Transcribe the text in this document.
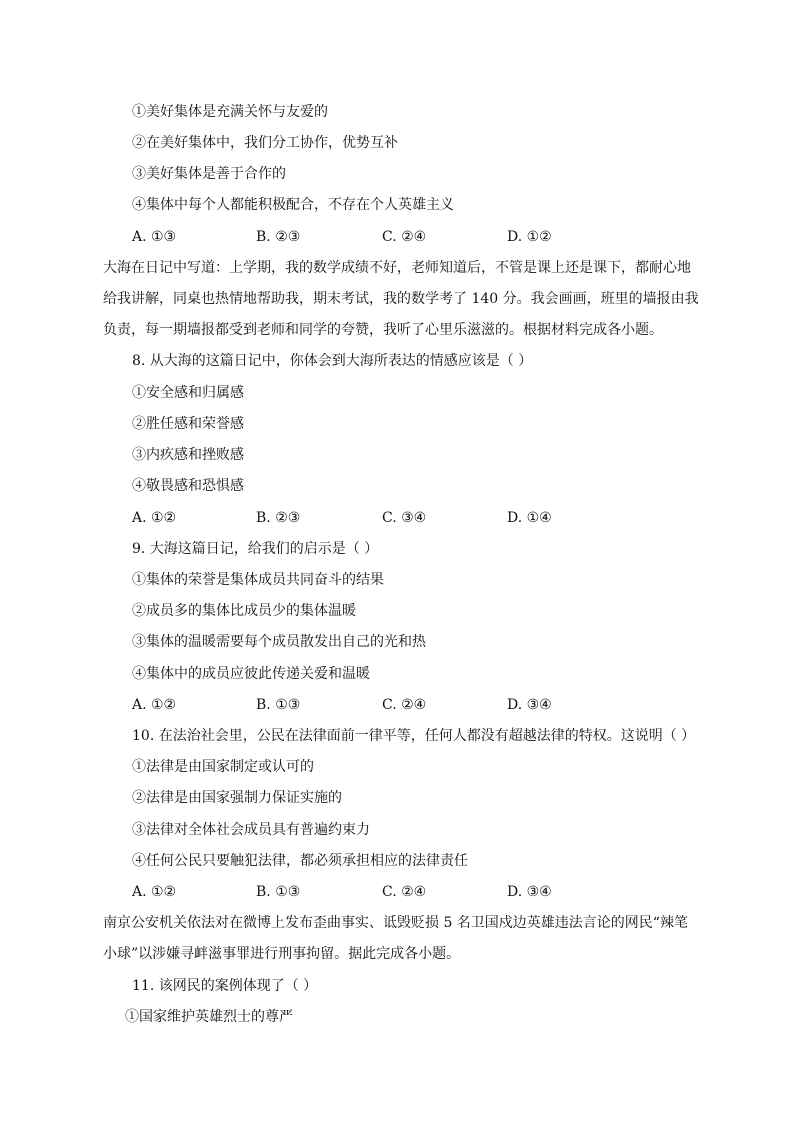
①美好集体是充满关怀与友爱的
②在美好集体中，我们分工协作，优势互补
③美好集体是善于合作的
④集体中每个人都能积极配合，不存在个人英雄主义
A. ①③	B. ②③	C. ②④	D. ①②
大海在日记中写道：上学期，我的数学成绩不好，老师知道后，不管是课上还是课下，都耐心地
给我讲解，同桌也热情地帮助我，期末考试，我的数学考了 140 分。我会画画，班里的墙报由我
负责，每一期墙报都受到老师和同学的夸赞，我听了心里乐滋滋的。根据材料完成各小题。
8. 从大海的这篇日记中，你体会到大海所表达的情感应该是（ ）
①安全感和归属感
②胜任感和荣誉感
③内疚感和挫败感
④敬畏感和恐惧感
A. ①②	B. ②③	C. ③④	D. ①④
9. 大海这篇日记，给我们的启示是（ ）
①集体的荣誉是集体成员共同奋斗的结果
②成员多的集体比成员少的集体温暖
③集体的温暖需要每个成员散发出自己的光和热
④集体中的成员应彼此传递关爱和温暖
A. ①②	B. ①③	C. ②④	D. ③④
10. 在法治社会里，公民在法律面前一律平等，任何人都没有超越法律的特权。这说明（ ）
①法律是由国家制定或认可的
②法律是由国家强制力保证实施的
③法律对全体社会成员具有普遍约束力
④任何公民只要触犯法律，都必须承担相应的法律责任
A. ①②	B. ①③	C. ②④	D. ③④
南京公安机关依法对在微博上发布歪曲事实、诋毁贬损 5 名卫国戍边英雄违法言论的网民“辣笔
小球”以涉嫌寻衅滋事罪进行刑事拘留。据此完成各小题。
11. 该网民的案例体现了（ ）
①国家维护英雄烈士的尊严
